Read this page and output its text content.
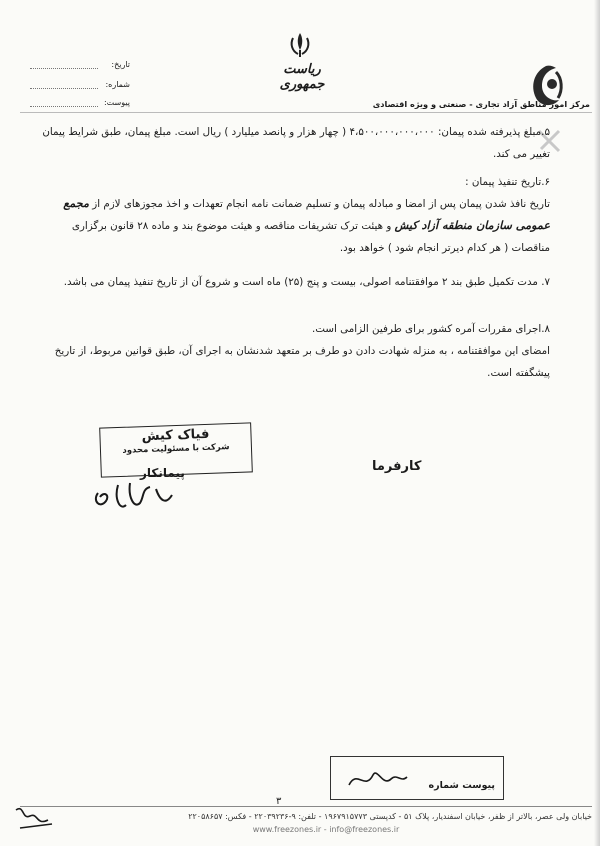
تاریخ:
شماره:
پیوست:
ریاست جمهوری
مرکز امور مناطق آزاد تجاری - صنعتی و ویژه اقتصادی

۵.مبلغ پذیرفته شده پیمان: ۴،۵۰۰،۰۰۰،۰۰۰،۰۰۰ ( چهار هزار و پانصد میلیارد ) ریال است. مبلغ پیمان، طبق شرایط پیمان تغییر می کند.

۶.تاریخ تنفیذ پیمان :

تاریخ نافذ شدن پیمان پس از امضا و مبادله پیمان و تسلیم ضمانت نامه انجام تعهدات و اخذ مجوزهای لازم از مجمع عمومی سازمان منطقه آزاد کیش و هیئت ترک تشریفات مناقصه و هیئت موضوع بند و ماده ۲۸ قانون برگزاری مناقصات ( هر کدام دیرتر انجام شود ) خواهد بود.

۷. مدت تکمیل طبق بند ۲ موافقتنامه اصولی، بیست و پنج (۲۵) ماه است و شروع آن از تاریخ تنفیذ پیمان می باشد.

۸.اجرای مقررات آمره کشور برای طرفین الزامی است.

امضای این موافقتنامه ، به منزله شهادت دادن دو طرف بر متعهد شدنشان به اجرای آن، طبق قوانین مربوط، از تاریخ پیشگفته است.

فیاک کیش
شرکت با مسئولیت محدود
پیمانکار	کارفرما
پیوست شماره
۳
خیابان ولی عصر، بالاتر از ظفر، خیابان اسفندیار، پلاک ۵۱ - کدپستی ۱۹۶۷۹۱۵۷۷۳ - تلفن: ۹-۲۲۰۳۹۲۳۶ - فکس: ۲۲۰۵۸۶۵۷
www.freezones.ir - info@freezones.ir
